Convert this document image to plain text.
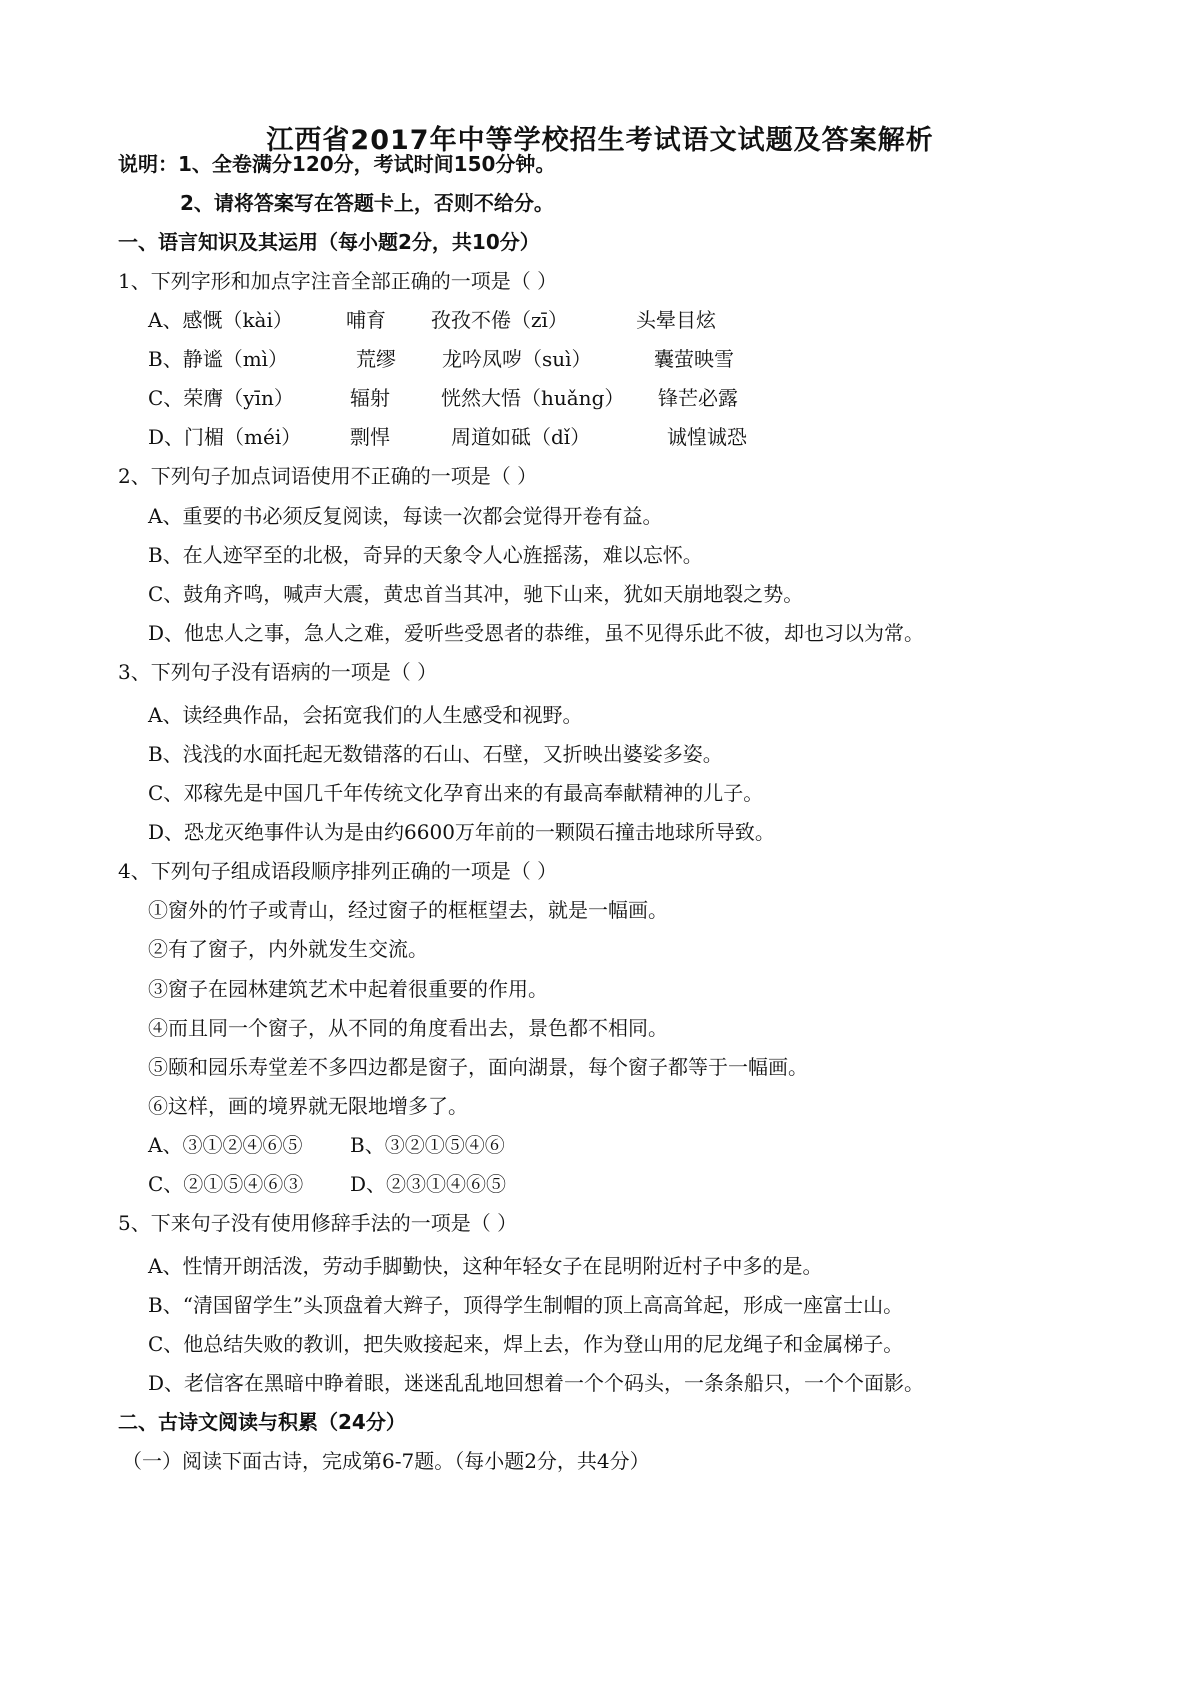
江西省2017年中等学校招生考试语文试题及答案解析
说明：1、全卷满分120分，考试时间150分钟。
2、请将答案写在答题卡上，否则不给分。
一、语言知识及其运用（每小题2分，共10分）
1、下列字形和加点字注音全部正确的一项是（ ）
A、感慨（kài）	哺育 孜孜不倦（zī）	头晕目炫
B、静谧（mì）	荒缪 龙吟凤哕（suì）	囊萤映雪
C、荣膺（yīn）	辐射	恍然大悟（huǎng） 锋芒必露
D、门楣（méi） 剽悍	周道如砥（dǐ）	诚惶诚恐
2、下列句子加点词语使用不正确的一项是（ ）
A、重要的书必须反复阅读，每读一次都会觉得开卷有益。
B、在人迹罕至的北极，奇异的天象令人心旌摇荡，难以忘怀。
C、鼓角齐鸣，喊声大震，黄忠首当其冲，驰下山来，犹如天崩地裂之势。
D、他忠人之事，急人之难，爱听些受恩者的恭维，虽不见得乐此不彼，却也习以为常。
3、下列句子没有语病的一项是（ ）
A、读经典作品，会拓宽我们的人生感受和视野。
B、浅浅的水面托起无数错落的石山、石壁，又折映出婆娑多姿。
C、邓稼先是中国几千年传统文化孕育出来的有最高奉献精神的儿子。
D、恐龙灭绝事件认为是由约6600万年前的一颗陨石撞击地球所导致。
4、下列句子组成语段顺序排列正确的一项是（ ）
①窗外的竹子或青山，经过窗子的框框望去，就是一幅画。
②有了窗子，内外就发生交流。
③窗子在园林建筑艺术中起着很重要的作用。
④而且同一个窗子，从不同的角度看出去，景色都不相同。
⑤颐和园乐寿堂差不多四边都是窗子，面向湖景，每个窗子都等于一幅画。
⑥这样，画的境界就无限地增多了。
A、③①②④⑥⑤ B、③②①⑤④⑥
C、②①⑤④⑥③ D、②③①④⑥⑤
5、下来句子没有使用修辞手法的一项是（ ）
A、性情开朗活泼，劳动手脚勤快，这种年轻女子在昆明附近村子中多的是。
B、“清国留学生”头顶盘着大辫子，顶得学生制帽的顶上高高耸起，形成一座富士山。
C、他总结失败的教训，把失败接起来，焊上去，作为登山用的尼龙绳子和金属梯子。
D、老信客在黑暗中睁着眼，迷迷乱乱地回想着一个个码头，一条条船只，一个个面影。
二、古诗文阅读与积累（24分）
（一）阅读下面古诗，完成第6-7题。（每小题2分，共4分）
